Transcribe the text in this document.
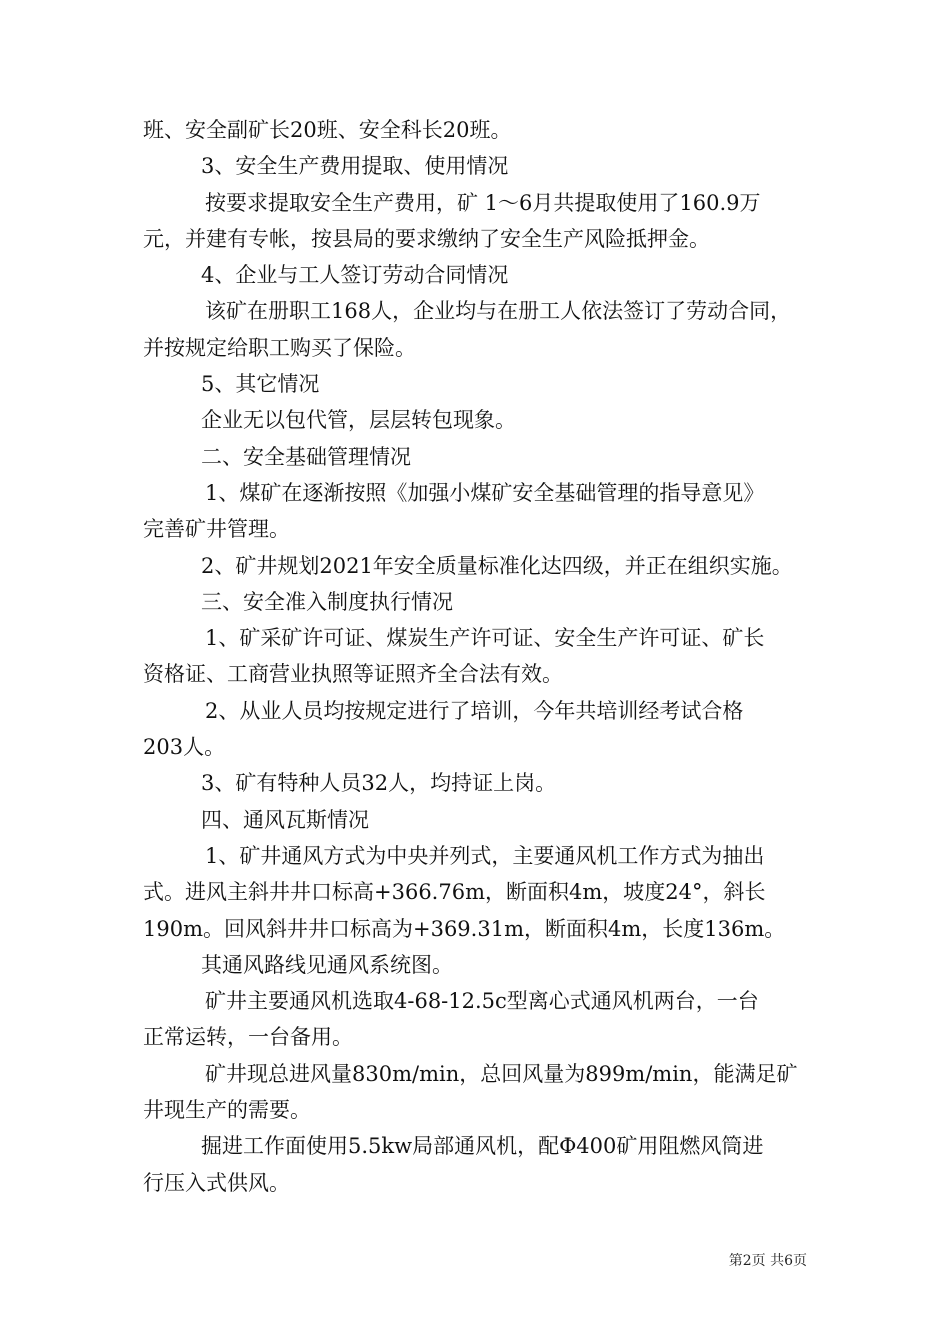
班、安全副矿长20班、安全科长20班。
3、安全生产费用提取、使用情况
按要求提取安全生产费用，矿 1～6月共提取使用了160.9万
元，并建有专帐，按县局的要求缴纳了安全生产风险抵押金。
4、企业与工人签订劳动合同情况
该矿在册职工168人，企业均与在册工人依法签订了劳动合同，
并按规定给职工购买了保险。
5、其它情况
企业无以包代管，层层转包现象。
二、安全基础管理情况
1、煤矿在逐渐按照《加强小煤矿安全基础管理的指导意见》
完善矿井管理。
2、矿井规划2021年安全质量标准化达四级，并正在组织实施。
三、安全准入制度执行情况
1、矿采矿许可证、煤炭生产许可证、安全生产许可证、矿长
资格证、工商营业执照等证照齐全合法有效。
2、从业人员均按规定进行了培训，今年共培训经考试合格
203人。
3、矿有特种人员32人，均持证上岗。
四、通风瓦斯情况
1、矿井通风方式为中央并列式，主要通风机工作方式为抽出
式。进风主斜井井口标高+366.76m，断面积4m，坡度24°，斜长
190m。回风斜井井口标高为+369.31m，断面积4m，长度136m。
其通风路线见通风系统图。
矿井主要通风机选取4-68-12.5c型离心式通风机两台，一台
正常运转，一台备用。
矿井现总进风量830m/min，总回风量为899m/min，能满足矿
井现生产的需要。
掘进工作面使用5.5kw局部通风机，配Φ400矿用阻燃风筒进
行压入式供风。
第2页 共6页
